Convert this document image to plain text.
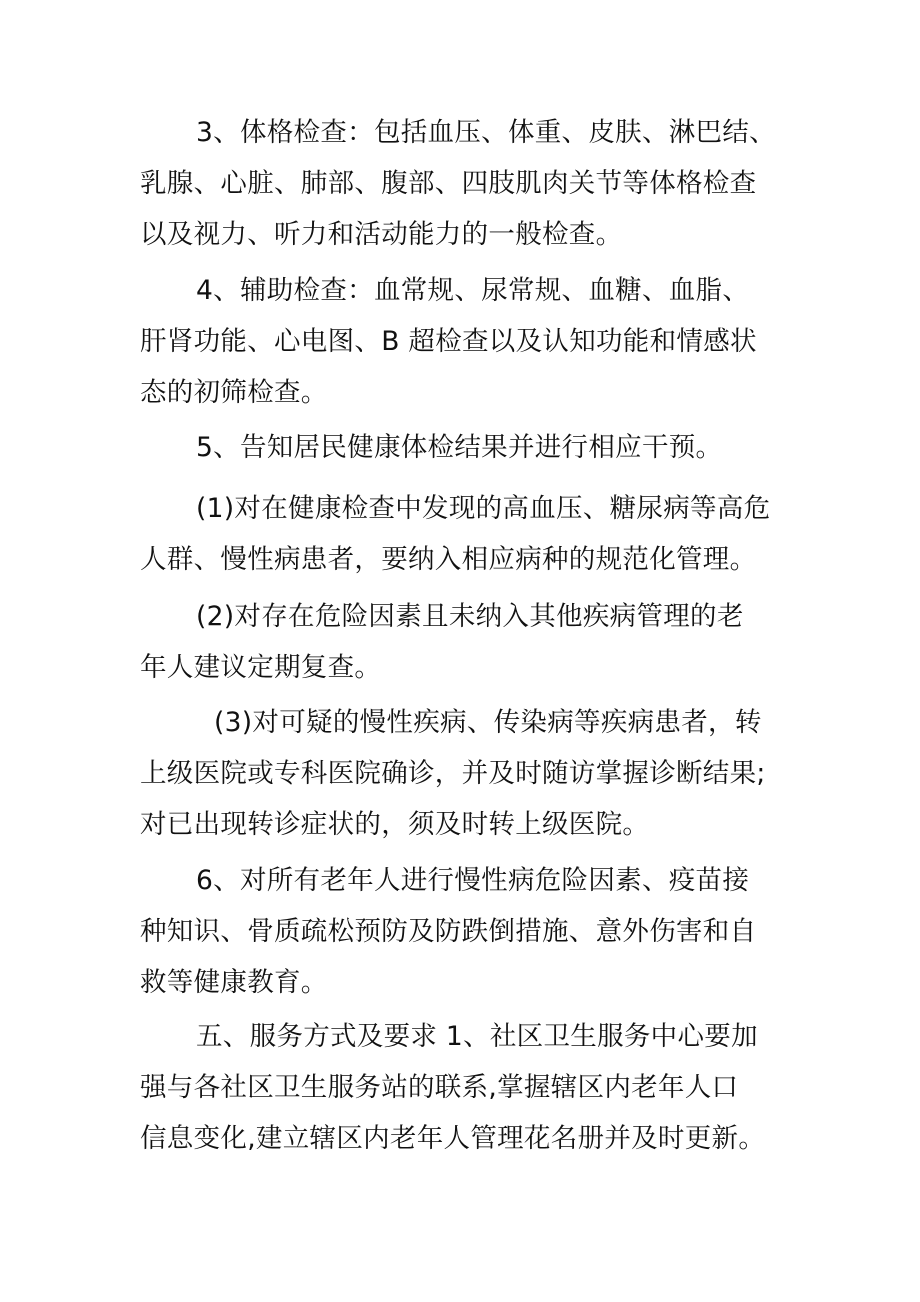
3、体格检查：包括血压、体重、皮肤、淋巴结、
乳腺、心脏、肺部、腹部、四肢肌肉关节等体格检查
以及视力、听力和活动能力的一般检查。

4、辅助检查：血常规、尿常规、血糖、血脂、
肝肾功能、心电图、B 超检查以及认知功能和情感状
态的初筛检查。

5、告知居民健康体检结果并进行相应干预。

(1)对在健康检查中发现的高血压、糖尿病等高危
人群、慢性病患者，要纳入相应病种的规范化管理。

(2)对存在危险因素且未纳入其他疾病管理的老
年人建议定期复查。

(3)对可疑的慢性疾病、传染病等疾病患者，转
上级医院或专科医院确诊，并及时随访掌握诊断结果;
对已出现转诊症状的，须及时转上级医院。

6、对所有老年人进行慢性病危险因素、疫苗接
种知识、骨质疏松预防及防跌倒措施、意外伤害和自
救等健康教育。

五、服务方式及要求 1、社区卫生服务中心要加
强与各社区卫生服务站的联系,掌握辖区内老年人口
信息变化,建立辖区内老年人管理花名册并及时更新。
